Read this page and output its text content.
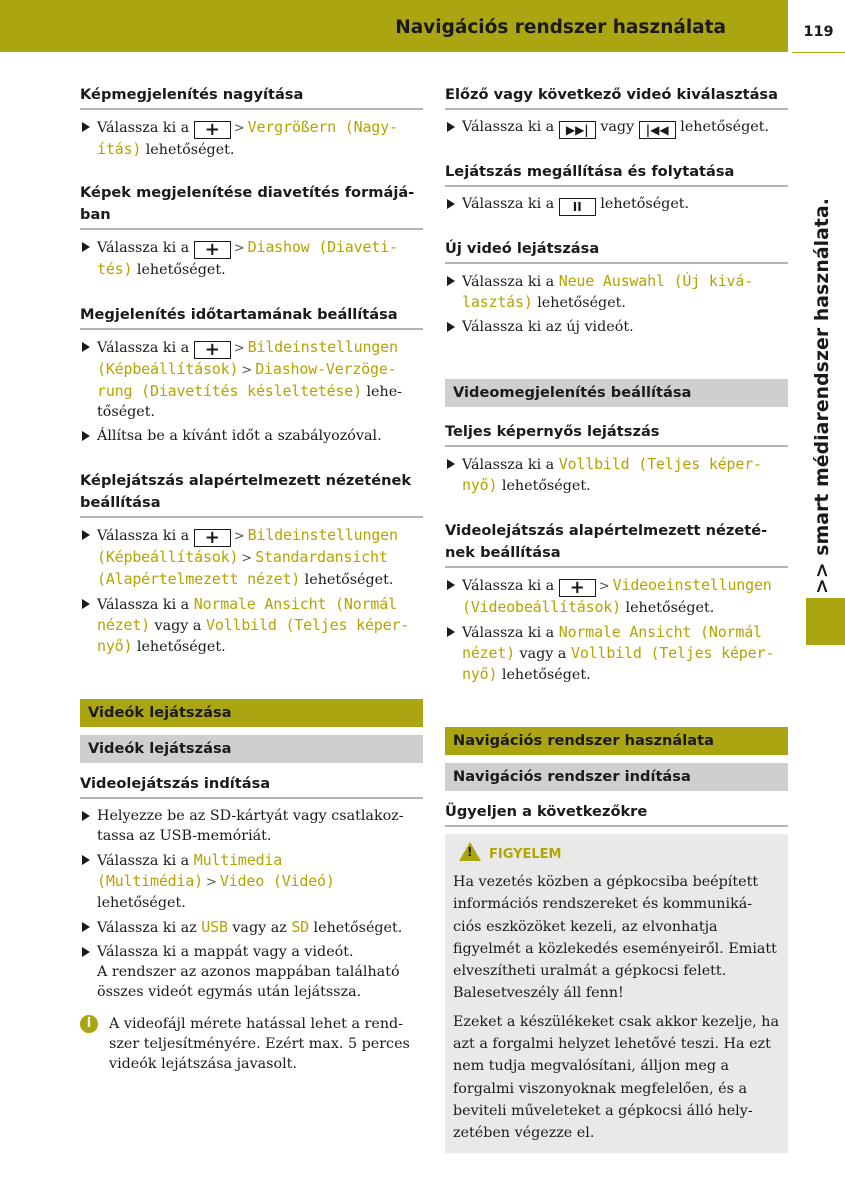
Navigációs rendszer használata	119
>> smart médiarendszer használata.
Képmegjelenítés nagyítása
Válassza ki a + > Vergrößern (Nagy-ítás) lehetőséget.
Képek megjelenítése diavetítés formájá-ban
Válassza ki a + > Diashow (Diaveti-tés) lehetőséget.
Megjelenítés időtartamának beállítása
Válassza ki a + > Bildeinstellungen (Képbeállítások) > Diashow-Verzöge-rung (Diavetítés késleltetése) lehe-tőséget.
Állítsa be a kívánt időt a szabályozóval.
Képlejátszás alapértelmezett nézetének beállítása
Válassza ki a + > Bildeinstellungen (Képbeállítások) > Standardansicht (Alapértelmezett nézet) lehetőséget.
Válassza ki a Normale Ansicht (Normál nézet) vagy a Vollbild (Teljes képer-nyő) lehetőséget.
Videók lejátszása
Videók lejátszása
Videolejátszás indítása
Helyezze be az SD-kártyát vagy csatlakoz-tassa az USB-memóriát.
Válassza ki a Multimedia (Multimédia) > Video (Videó) lehetőséget.
Válassza ki az USB vagy az SD lehetőséget.
Válassza ki a mappát vagy a videót.
A rendszer az azonos mappában található összes videót egymás után lejátssza.
i	A videofájl mérete hatással lehet a rend-szer teljesítményére. Ezért max. 5 perces videók lejátszása javasolt.
Előző vagy következő videó kiválasztása
Válassza ki a ▶▶| vagy |◀◀ lehetőséget.
Lejátszás megállítása és folytatása
Válassza ki a II lehetőséget.
Új videó lejátszása
Válassza ki a Neue Auswahl (Új kivá-lasztás) lehetőséget.
Válassza ki az új videót.
Videomegjelenítés beállítása
Teljes képernyős lejátszás
Válassza ki a Vollbild (Teljes képer-nyő) lehetőséget.
Videolejátszás alapértelmezett nézeté-nek beállítása
Válassza ki a + > Videoeinstellungen (Videobeállítások) lehetőséget.
Válassza ki a Normale Ansicht (Normál nézet) vagy a Vollbild (Teljes képer-nyő) lehetőséget.
Navigációs rendszer használata
Navigációs rendszer indítása
Ügyeljen a következőkre
!FIGYELEM

Ha vezetés közben a gépkocsiba beépített információs rendszereket és kommuniká-ciós eszközöket kezeli, az elvonhatja figyelmét a közlekedés eseményeiről. Emiatt elveszítheti uralmát a gépkocsi felett. Balesetveszély áll fenn!

Ezeket a készülékeket csak akkor kezelje, ha azt a forgalmi helyzet lehetővé teszi. Ha ezt nem tudja megvalósítani, álljon meg a forgalmi viszonyoknak megfelelően, és a beviteli műveleteket a gépkocsi álló hely-zetében végezze el.
